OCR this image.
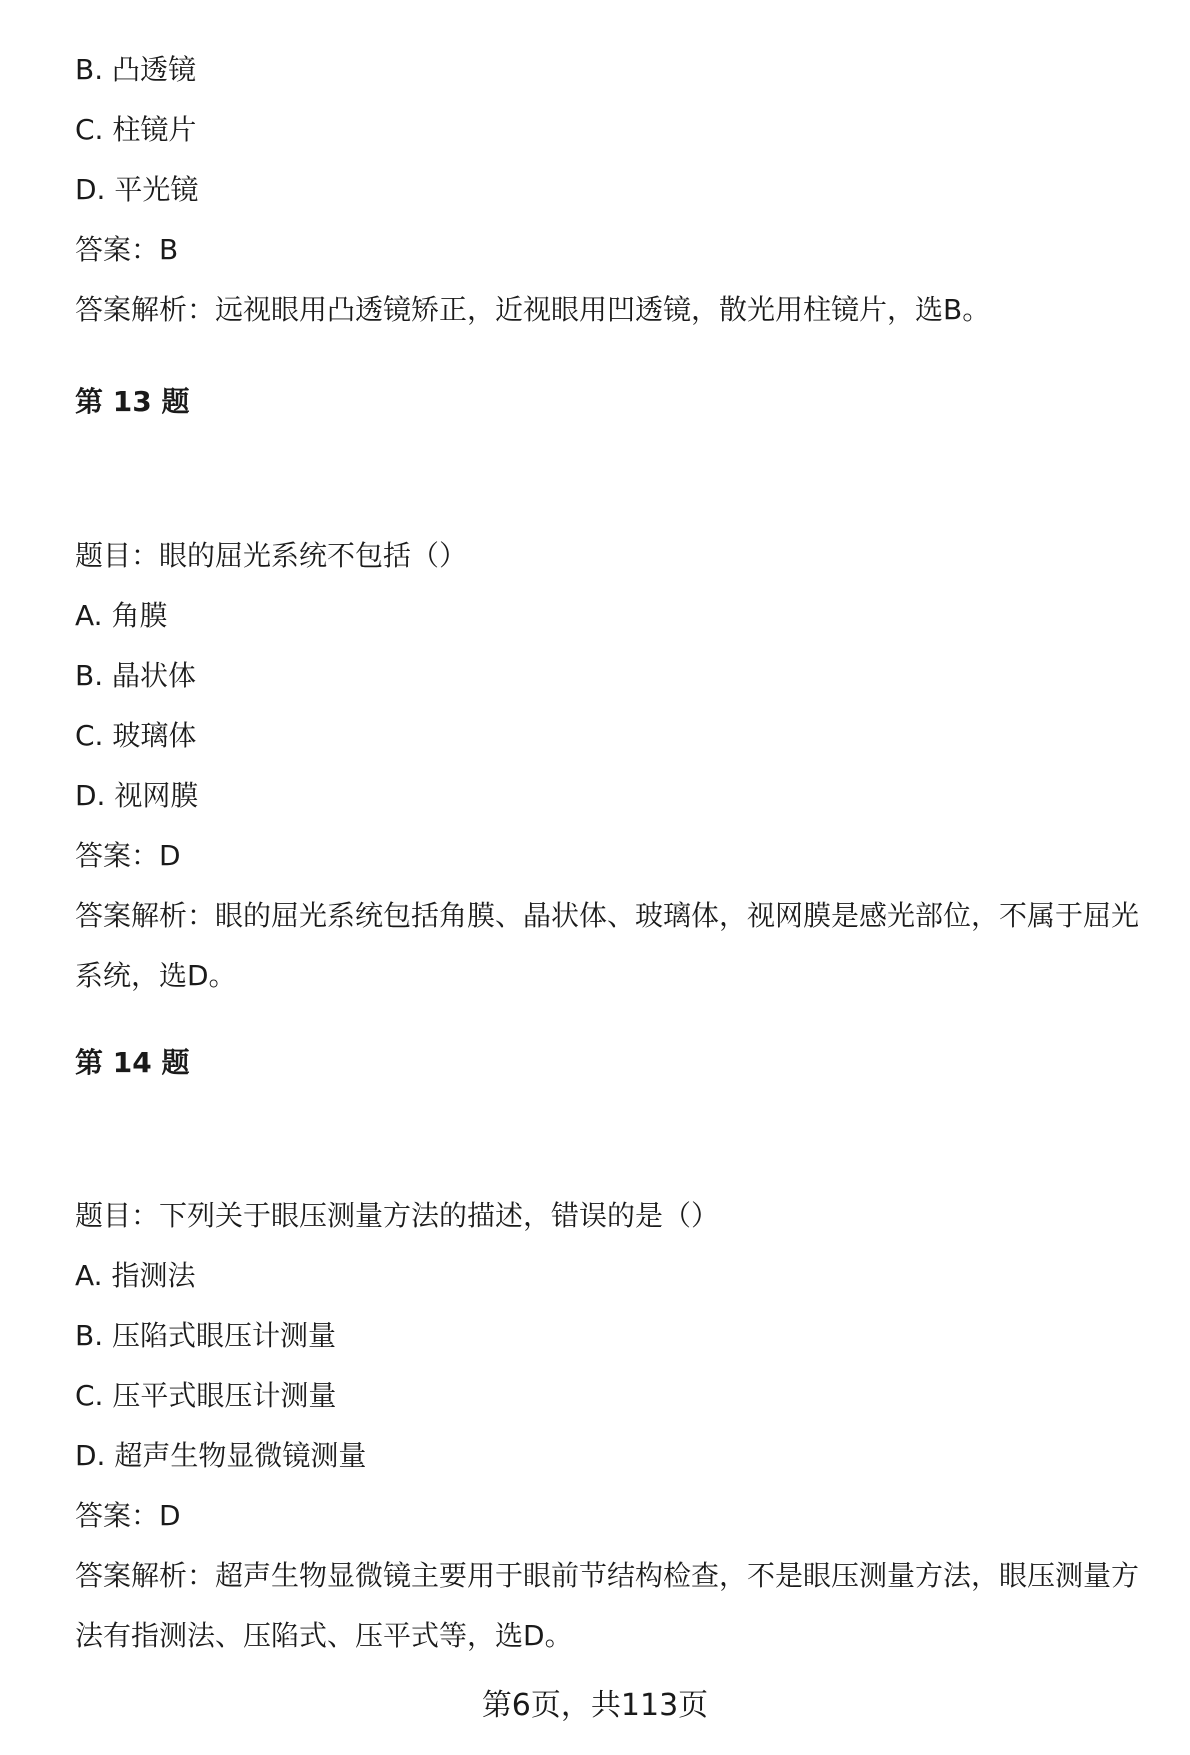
B. 凸透镜
C. 柱镜片
D. 平光镜
答案：B
答案解析：远视眼用凸透镜矫正，近视眼用凹透镜，散光用柱镜片，选B。
第 13 题
题目：眼的屈光系统不包括（）
A. 角膜
B. 晶状体
C. 玻璃体
D. 视网膜
答案：D
答案解析：眼的屈光系统包括角膜、晶状体、玻璃体，视网膜是感光部位，不属于屈光系统，选D。
第 14 题
题目：下列关于眼压测量方法的描述，错误的是（）
A. 指测法
B. 压陷式眼压计测量
C. 压平式眼压计测量
D. 超声生物显微镜测量
答案：D
答案解析：超声生物显微镜主要用于眼前节结构检查，不是眼压测量方法，眼压测量方法有指测法、压陷式、压平式等，选D。
第6页，共113页
